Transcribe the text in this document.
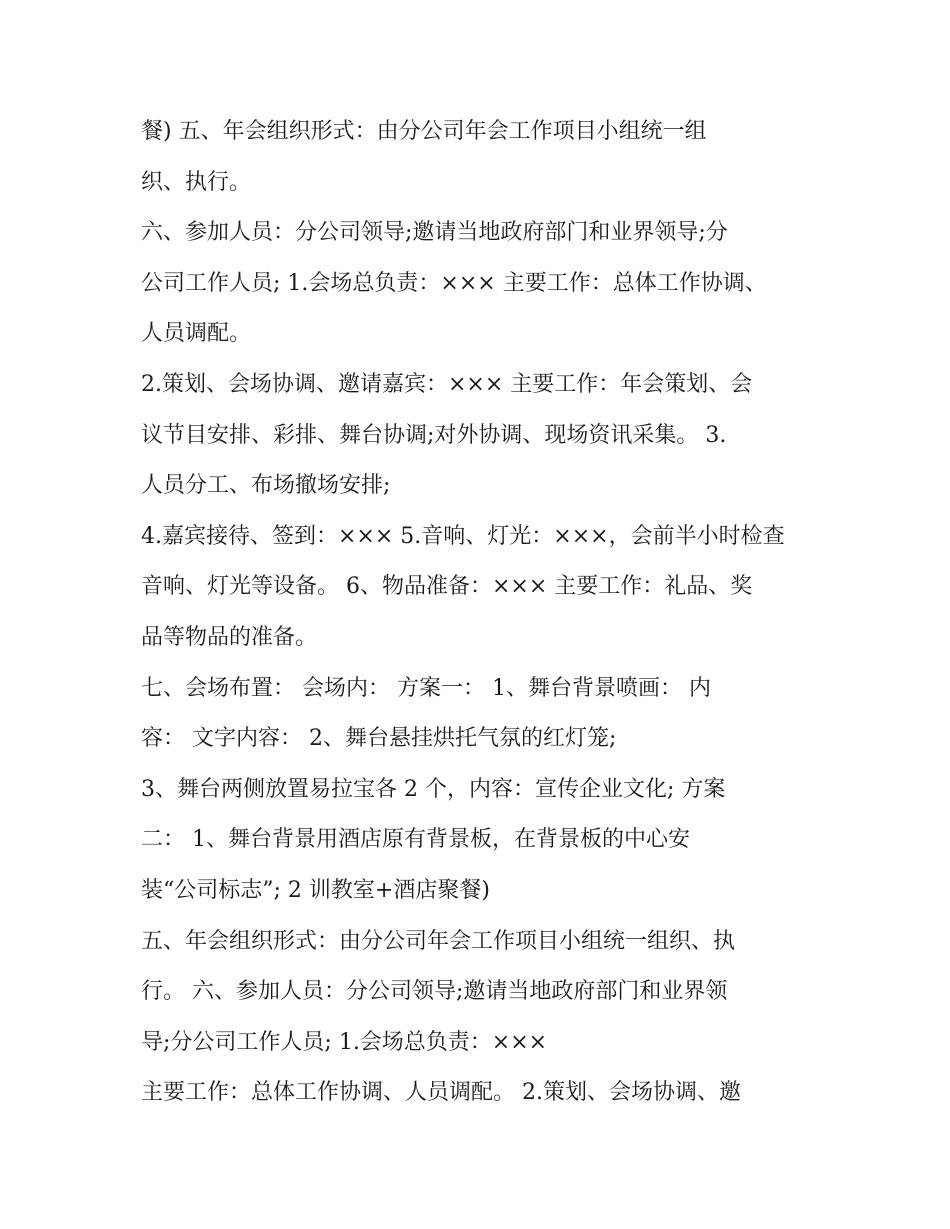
餐) 五、年会组织形式：由分公司年会工作项目小组统一组
织、执行。
六、参加人员：分公司领导;邀请当地政府部门和业界领导;分
公司工作人员; 1.会场总负责：××× 主要工作：总体工作协调、
人员调配。
2.策划、会场协调、邀请嘉宾：××× 主要工作：年会策划、会
议节目安排、彩排、舞台协调;对外协调、现场资讯采集。 3.
人员分工、布场撤场安排;
4.嘉宾接待、签到：××× 5.音响、灯光：×××，会前半小时检查
音响、灯光等设备。 6、物品准备：××× 主要工作：礼品、奖
品等物品的准备。
七、会场布置： 会场内： 方案一： 1、舞台背景喷画： 内
容： 文字内容： 2、舞台悬挂烘托气氛的红灯笼;
3、舞台两侧放置易拉宝各 2 个，内容：宣传企业文化; 方案
二： 1、舞台背景用酒店原有背景板，在背景板的中心安
装“公司标志”; 2 训教室+酒店聚餐)
五、年会组织形式：由分公司年会工作项目小组统一组织、执
行。 六、参加人员：分公司领导;邀请当地政府部门和业界领
导;分公司工作人员; 1.会场总负责：×××
主要工作：总体工作协调、人员调配。 2.策划、会场协调、邀
